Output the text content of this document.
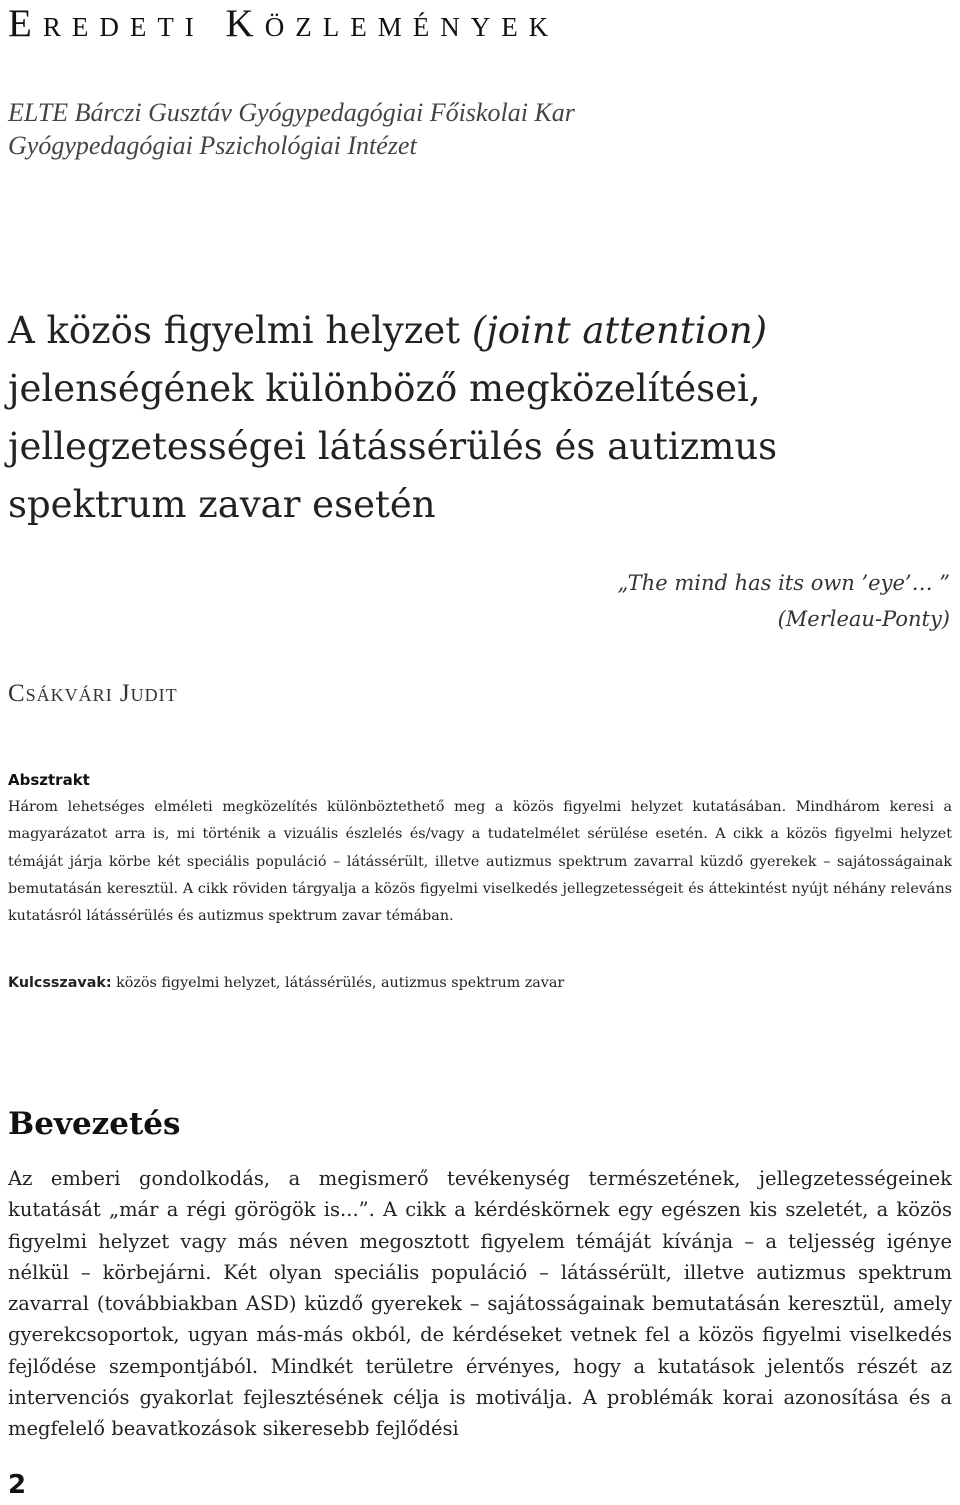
Eredeti Közlemények
ELTE Bárczi Gusztáv Gyógypedagógiai Főiskolai Kar
Gyógypedagógiai Pszichológiai Intézet
A közös figyelmi helyzet (joint attention)
jelenségének különböző megközelítései,
jellegzetességei látássérülés és autizmus
spektrum zavar esetén
„The mind has its own ’eye’… ”
(Merleau-Ponty)
Csákvári Judit
Absztrakt

Három lehetséges elméleti megközelítés különböztethető meg a közös figyelmi helyzet kutatásában. Mindhárom keresi a magyarázatot arra is, mi történik a vizuális észlelés és/vagy a tudatelmélet sérülése esetén. A cikk a közös figyelmi helyzet témáját járja körbe két speciális populáció – látássérült, illetve autizmus spektrum zavarral küzdő gyerekek – sajátosságainak bemutatásán keresztül. A cikk röviden tárgyalja a közös figyelmi viselkedés jellegzetességeit és áttekintést nyújt néhány releváns kutatásról látássérülés és autizmus spektrum zavar témában.

Kulcsszavak: közös figyelmi helyzet, látássérülés, autizmus spektrum zavar

Bevezetés

Az emberi gondolkodás, a megismerő tevékenység természetének, jellegzetességeinek kutatását „már a régi görögök is...”. A cikk a kérdéskörnek egy egészen kis szeletét, a közös figyelmi helyzet vagy más néven megosztott figyelem témáját kívánja – a teljesség igénye nélkül – körbejárni. Két olyan speciális populáció – látássérült, illetve autizmus spektrum zavarral (továbbiakban ASD) küzdő gyerekek – sajátosságainak bemutatásán keresztül, amely gyerekcsoportok, ugyan más-más okból, de kérdéseket vetnek fel a közös figyelmi viselkedés fejlődése szempontjából. Mindkét területre érvényes, hogy a kutatások jelentős részét az intervenciós gyakorlat fejlesztésének célja is motiválja. A problémák korai azonosítása és a megfelelő beavatkozások sikeresebb fejlődési

2
